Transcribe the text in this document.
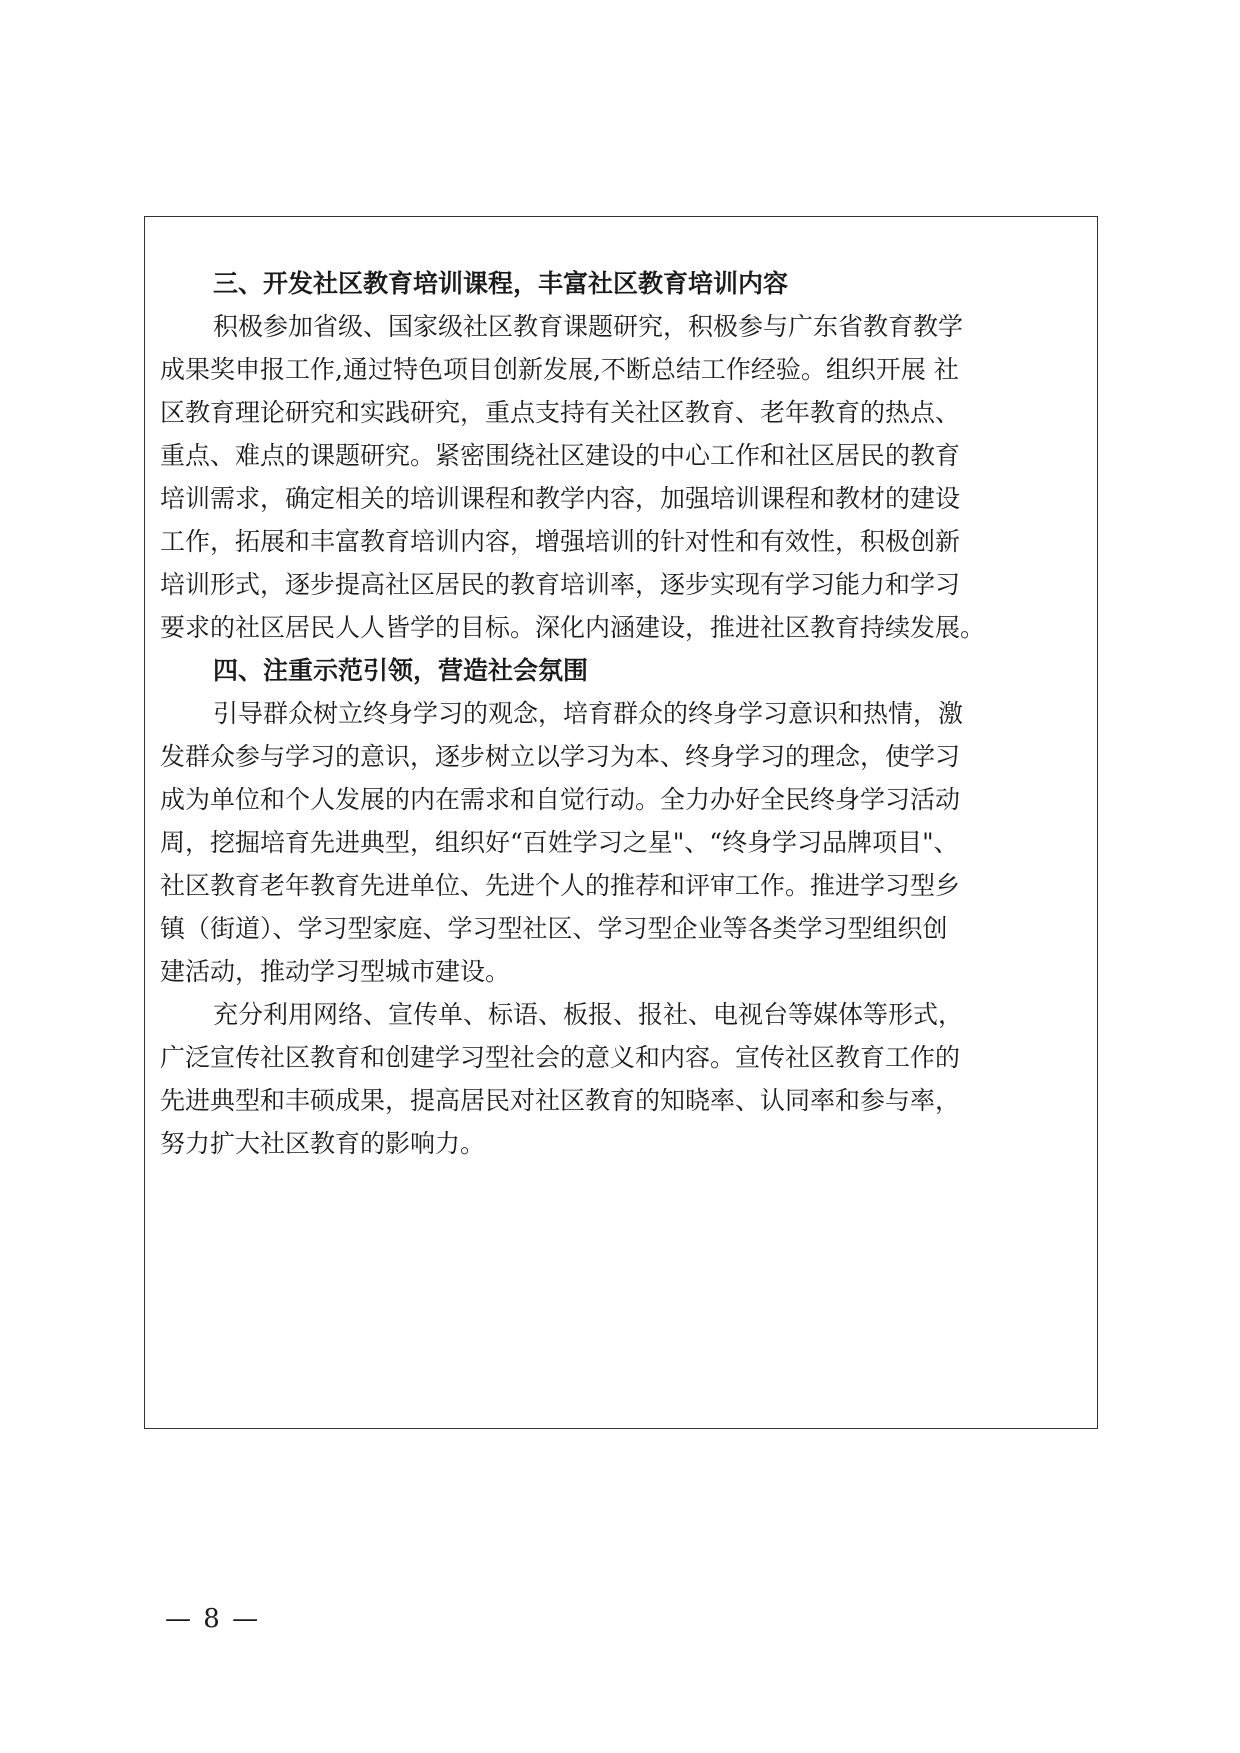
三、开发社区教育培训课程，丰富社区教育培训内容
积极参加省级、国家级社区教育课题研究，积极参与广东省教育教学
成果奖申报工作,通过特色项目创新发展,不断总结工作经验。组织开展 社
区教育理论研究和实践研究，重点支持有关社区教育、老年教育的热点、
重点、难点的课题研究。紧密围绕社区建设的中心工作和社区居民的教育
培训需求，确定相关的培训课程和教学内容，加强培训课程和教材的建设
工作，拓展和丰富教育培训内容，增强培训的针对性和有效性，积极创新
培训形式，逐步提高社区居民的教育培训率，逐步实现有学习能力和学习
要求的社区居民人人皆学的目标。深化内涵建设，推进社区教育持续发展。
四、注重示范引领，营造社会氛围
引导群众树立终身学习的观念，培育群众的终身学习意识和热情，激
发群众参与学习的意识，逐步树立以学习为本、终身学习的理念，使学习
成为单位和个人发展的内在需求和自觉行动。全力办好全民终身学习活动
周，挖掘培育先进典型，组织好“百姓学习之星"、“终身学习品牌项目"、
社区教育老年教育先进单位、先进个人的推荐和评审工作。推进学习型乡
镇（街道）、学习型家庭、学习型社区、学习型企业等各类学习型组织创
建活动，推动学习型城市建设。
充分利用网络、宣传单、标语、板报、报社、电视台等媒体等形式，
广泛宣传社区教育和创建学习型社会的意义和内容。宣传社区教育工作的
先进典型和丰硕成果，提高居民对社区教育的知晓率、认同率和参与率，
努力扩大社区教育的影响力。
— 8 —
